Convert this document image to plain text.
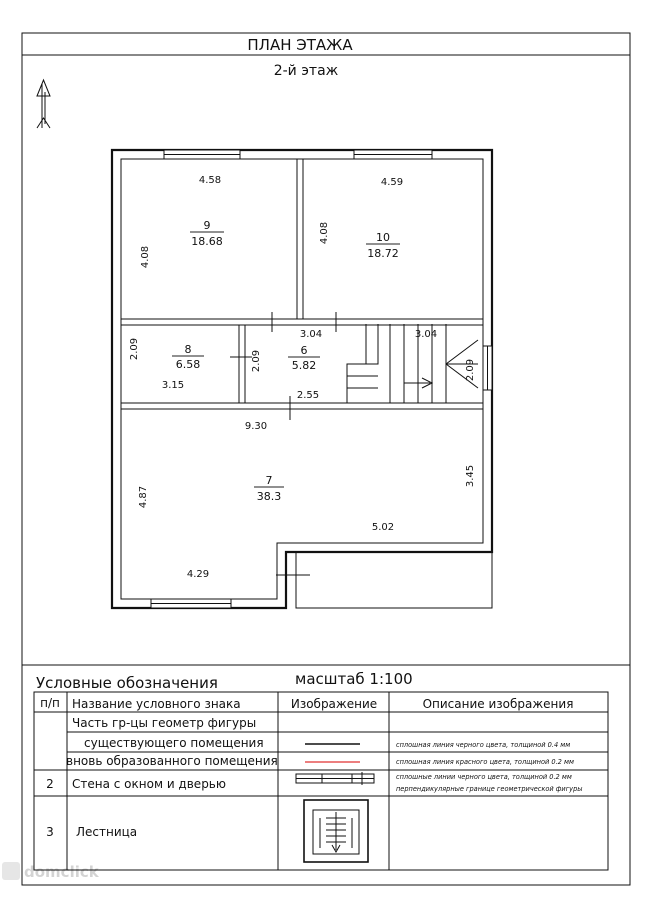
ПЛАН ЭТАЖА
2-й этаж
9
18.68	10
18.72
8
6.58
6
5.82
7
38.3
4.58	4.59
4.08
4.08
3.04	3.04
2.09
2.09	2.09
3.15
2.55
9.30
3.45
4.87
5.02
4.29
Условные обозначения	масштаб 1:100
п/п Название условного знака	Изображение	Описание изображения
Часть гр-цы геометр фигуры
существующего помещения	сплошная линия черного цвета, толщиной 0.4 мм
вновь образованного помещения	сплошная линия красного цвета, толщиной 0.2 мм
2 Стена с окном и дверью	сплошные линии черного цвета, толщиной 0.2 мм
перпендикулярные границе геометрической фигуры
3 Лестница
domclick
